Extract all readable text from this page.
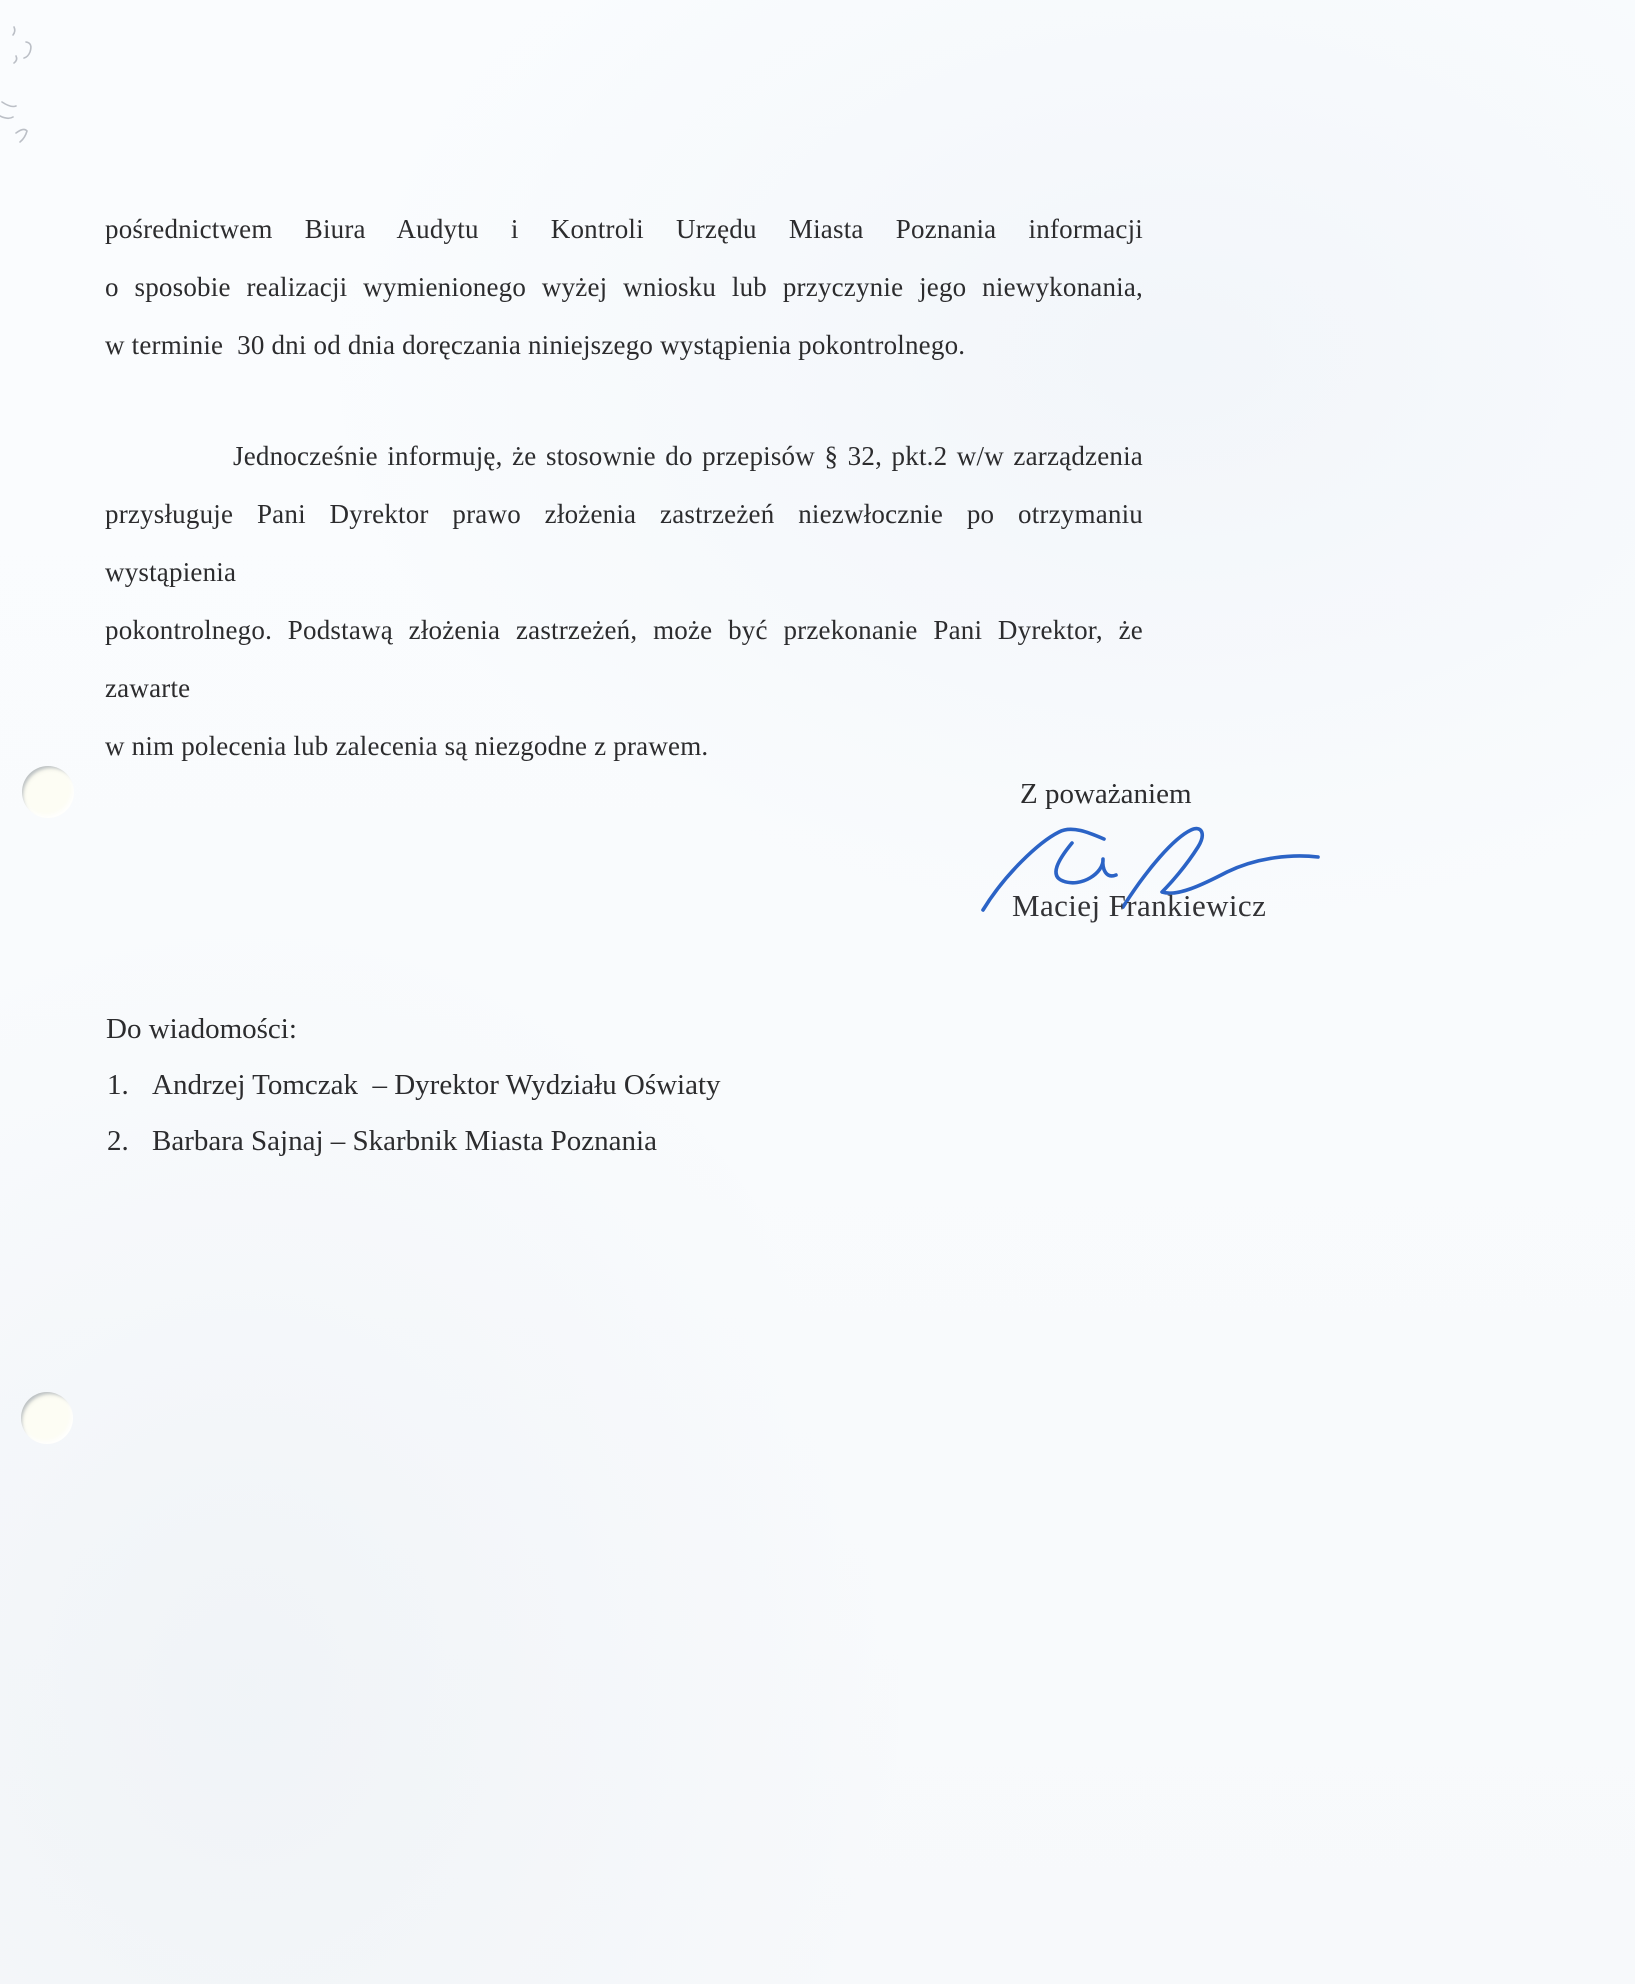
pośrednictwem Biura Audytu i Kontroli Urzędu Miasta Poznania informacji
o sposobie realizacji wymienionego wyżej wniosku lub przyczynie jego niewykonania,
w terminie  30 dni od dnia doręczania niniejszego wystąpienia pokontrolnego.
Jednocześnie informuję, że stosownie do przepisów § 32, pkt.2 w/w zarządzenia
przysługuje Pani Dyrektor prawo złożenia zastrzeżeń niezwłocznie po otrzymaniu wystąpienia
pokontrolnego. Podstawą złożenia zastrzeżeń, może być przekonanie Pani Dyrektor, że zawarte
w nim polecenia lub zalecenia są niezgodne z prawem.
Z poważaniem
Maciej Frankiewicz
Do wiadomości:
1. Andrzej Tomczak  – Dyrektor Wydziału Oświaty
2. Barbara Sajnaj – Skarbnik Miasta Poznania
